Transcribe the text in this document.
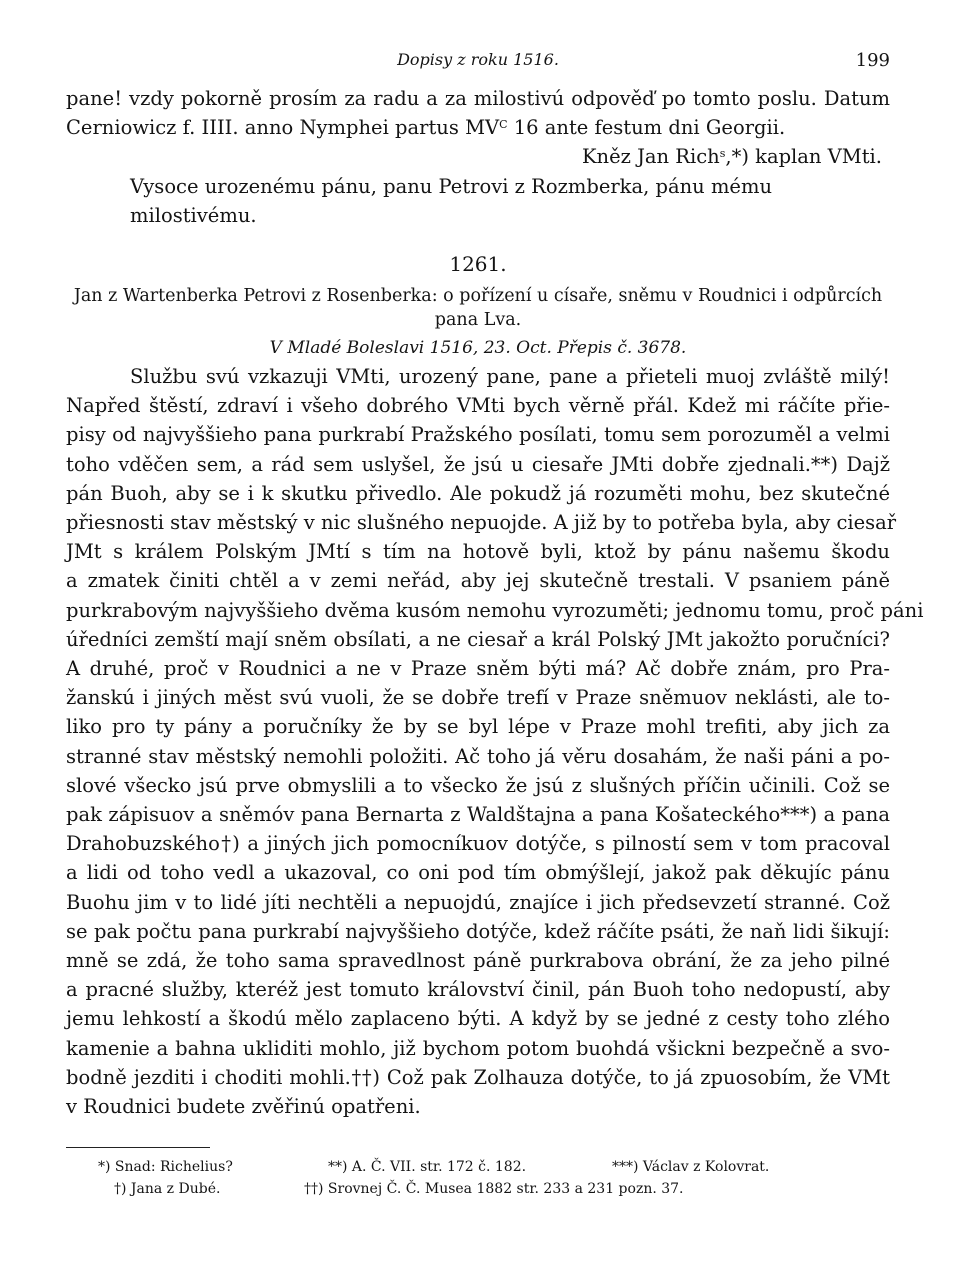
Dopisy z roku 1516.	199
pane! vzdy pokorně prosím za radu a za milostivú odpověď po tomto poslu. Datum
Cerniowicz f. IIII. anno Nymphei partus $MV^C$ 16 ante festum dni Georgii.
Kněz Jan Rich$^s$,*) kaplan VMti.
Vysoce urozenému pánu, panu Petrovi z Rozmberka, pánu mému milostivému.
1261.
Jan z Wartenberka Petrovi z Rosenberka: o pořízení u císaře, sněmu v Roudnici i odpůrcích
pana Lva.
V Mladé Boleslavi 1516, 23. Oct. Přepis č. 3678.
Službu svú vzkazuji VMti, urozený pane, pane a přieteli muoj zvláště milý!
Napřed štěstí, zdraví i všeho dobrého VMti bych věrně přál. Kdež mi ráčíte přie-
pisy od najvyššieho pana purkrabí Pražského posílati, tomu sem porozuměl a velmi
toho vděčen sem, a rád sem uslyšel, že jsú u ciesaře JMti dobře zjednali.**) Dajž
pán Buoh, aby se i k skutku přivedlo. Ale pokudž já rozuměti mohu, bez skutečné
přiesnosti stav městský v nic slušného nepuojde. A již by to potřeba byla, aby ciesař
JMt s králem Polským JMtí s tím na hotově byli, ktož by pánu našemu škodu
a zmatek činiti chtěl a v zemi neřád, aby jej skutečně trestali. V psaniem páně
purkrabovým najvyššieho dvěma kusóm nemohu vyrozuměti; jednomu tomu, proč páni
úředníci zemští mají sněm obsílati, a ne ciesař a král Polský JMt jakožto poručníci?
A druhé, proč v Roudnici a ne v Praze sněm býti má? Ač dobře znám, pro Pra-
žanskú i jiných měst svú vuoli, že se dobře trefí v Praze sněmuov neklásti, ale to-
liko pro ty pány a poručníky že by se byl lépe v Praze mohl trefiti, aby jich za
stranné stav městský nemohli položiti. Ač toho já věru dosahám, že naši páni a po-
slové všecko jsú prve obmyslili a to všecko že jsú z slušných příčin učinili. Což se
pak zápisuov a sněmóv pana Bernarta z Waldštajna a pana Košateckého***) a pana
Drahobuzského†) a jiných jich pomocníkuov dotýče, s pilností sem v tom pracoval
a lidi od toho vedl a ukazoval, co oni pod tím obmýšlejí, jakož pak děkujíc pánu
Buohu jim v to lidé jíti nechtěli a nepuojdú, znajíce i jich předsevzetí stranné. Což
se pak počtu pana purkrabí najvyššieho dotýče, kdež ráčíte psáti, že naň lidi šikují:
mně se zdá, že toho sama spravedlnost páně purkrabova obrání, že za jeho pilné
a pracné služby, kteréž jest tomuto království činil, pán Buoh toho nedopustí, aby
jemu lehkostí a škodú mělo zaplaceno býti. A když by se jedné z cesty toho zlého
kamenie a bahna ukliditi mohlo, již bychom potom buohdá všickni bezpečně a svo-
bodně jezditi i choditi mohli.††) Což pak Zolhauza dotýče, to já zpuosobím, že VMt
v Roudnici budete zvěřinú opatřeni.
*) Snad: Richelius?	**) A. Č. VII. str. 172 č. 182.	***) Václav z Kolovrat.
†) Jana z Dubé.	††) Srovnej Č. Č. Musea 1882 str. 233 a 231 pozn. 37.
